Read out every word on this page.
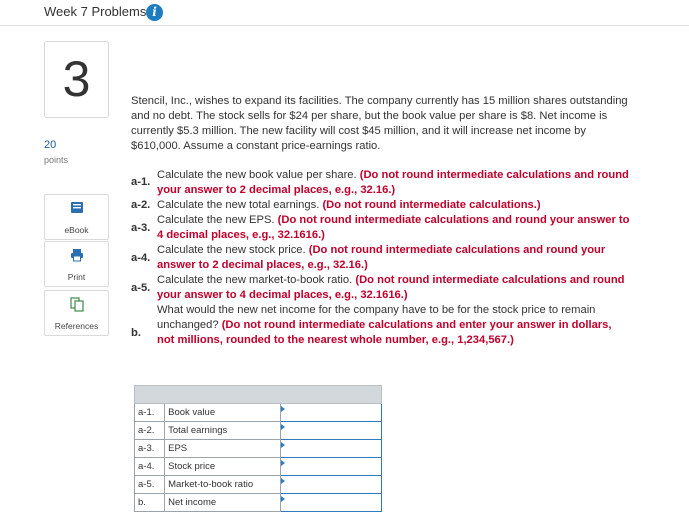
Week 7 Problems i
3
20
points
eBook
Print
References
Stencil, Inc., wishes to expand its facilities. The company currently has 15 million shares outstanding and no debt. The stock sells for $24 per share, but the book value per share is $8. Net income is currently $5.3 million. The new facility will cost $45 million, and it will increase net income by $610,000. Assume a constant price-earnings ratio.
a-1.
Calculate the new book value per share. (Do not round intermediate calculations and round your answer to 2 decimal places, e.g., 32.16.)
a-2. Calculate the new total earnings. (Do not round intermediate calculations.)
a-3.
Calculate the new EPS. (Do not round intermediate calculations and round your answer to 4 decimal places, e.g., 32.1616.)
a-4.
Calculate the new stock price. (Do not round intermediate calculations and round your answer to 2 decimal places, e.g., 32.16.)
a-5.
Calculate the new market-to-book ratio. (Do not round intermediate calculations and round your answer to 4 decimal places, e.g., 32.1616.)
b.
What would the new net income for the company have to be for the stock price to remain unchanged? (Do not round intermediate calculations and enter your answer in dollars, not millions, rounded to the nearest whole number, e.g., 1,234,567.)

a-1.	Book value	
a-2.	Total earnings	
a-3.	EPS	
a-4.	Stock price	
a-5.	Market-to-book ratio	
b.	Net income	
